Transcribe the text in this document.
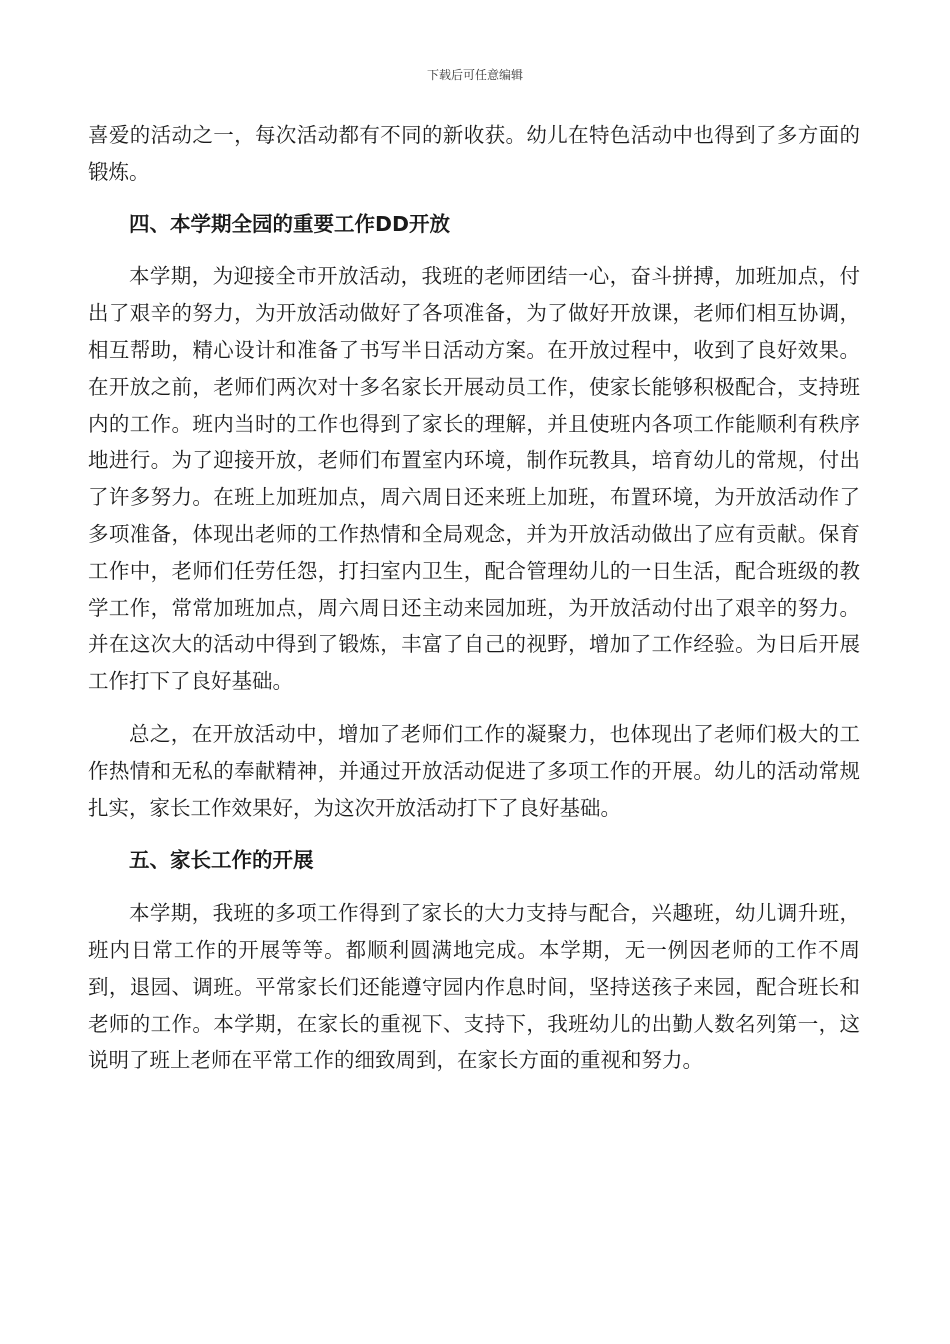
下载后可任意编辑

喜爱的活动之一，每次活动都有不同的新收获。幼儿在特色活动中也得到了多方面的锻炼。

四、本学期全园的重要工作DD开放

本学期，为迎接全市开放活动，我班的老师团结一心，奋斗拼搏，加班加点，付出了艰辛的努力，为开放活动做好了各项准备，为了做好开放课，老师们相互协调，相互帮助，精心设计和准备了书写半日活动方案。在开放过程中，收到了良好效果。在开放之前，老师们两次对十多名家长开展动员工作，使家长能够积极配合，支持班内的工作。班内当时的工作也得到了家长的理解，并且使班内各项工作能顺利有秩序地进行。为了迎接开放，老师们布置室内环境，制作玩教具，培育幼儿的常规，付出了许多努力。在班上加班加点，周六周日还来班上加班，布置环境，为开放活动作了多项准备，体现出老师的工作热情和全局观念，并为开放活动做出了应有贡献。保育工作中，老师们任劳任怨，打扫室内卫生，配合管理幼儿的一日生活，配合班级的教学工作，常常加班加点，周六周日还主动来园加班，为开放活动付出了艰辛的努力。并在这次大的活动中得到了锻炼，丰富了自己的视野，增加了工作经验。为日后开展工作打下了良好基础。

总之，在开放活动中，增加了老师们工作的凝聚力，也体现出了老师们极大的工作热情和无私的奉献精神，并通过开放活动促进了多项工作的开展。幼儿的活动常规扎实，家长工作效果好，为这次开放活动打下了良好基础。

五、家长工作的开展

本学期，我班的多项工作得到了家长的大力支持与配合，兴趣班，幼儿调升班，班内日常工作的开展等等。都顺利圆满地完成。本学期，无一例因老师的工作不周到，退园、调班。平常家长们还能遵守园内作息时间，坚持送孩子来园，配合班长和老师的工作。本学期，在家长的重视下、支持下，我班幼儿的出勤人数名列第一，这说明了班上老师在平常工作的细致周到，在家长方面的重视和努力。
